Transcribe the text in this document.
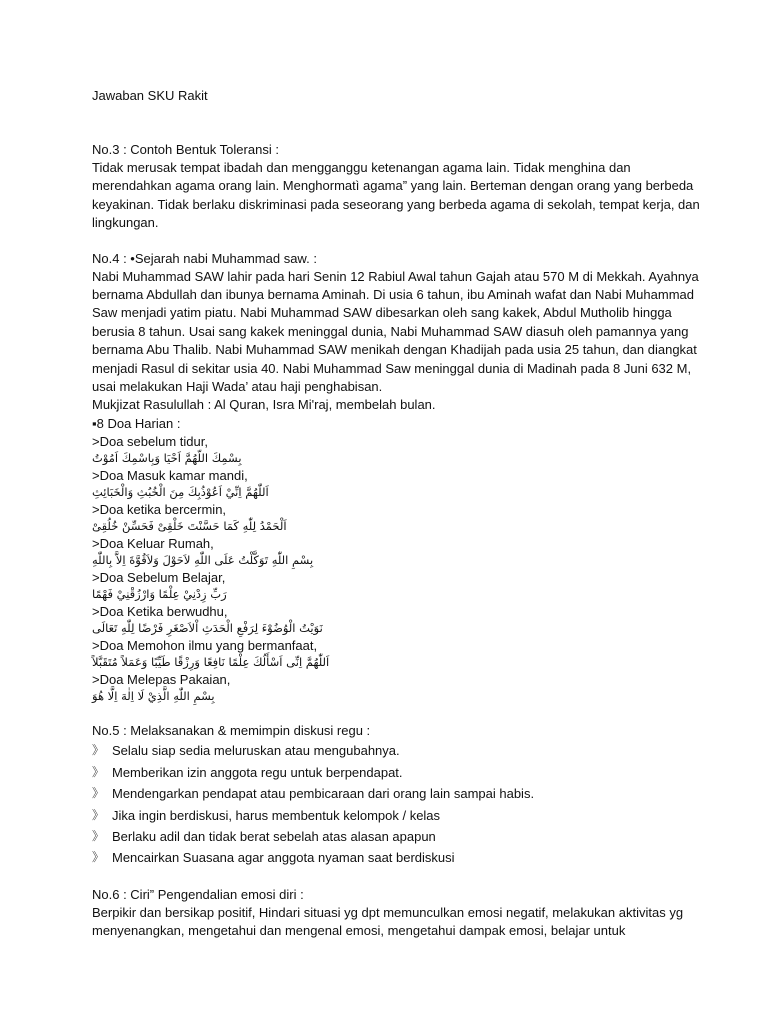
Jawaban SKU Rakit
No.3 : Contoh Bentuk Toleransi :
Tidak merusak tempat ibadah dan mengganggu ketenangan agama lain. Tidak menghina dan merendahkan agama orang lain. Menghormatì agama” yang lain. Berteman dengan orang yang berbeda keyakinan. Tidak berlaku diskriminasi pada seseorang yang berbeda agama di sekolah, tempat kerja, dan lingkungan.
No.4 : •Sejarah nabi Muhammad saw. :
Nabi Muhammad SAW lahir pada hari Senin 12 Rabiul Awal tahun Gajah atau 570 M di Mekkah. Ayahnya bernama Abdullah dan ibunya bernama Aminah. Di usia 6 tahun, ibu Aminah wafat dan Nabi Muhammad Saw menjadi yatim piatu. Nabi Muhammad SAW dibesarkan oleh sang kakek, Abdul Mutholib hingga berusia 8 tahun. Usai sang kakek meninggal dunia, Nabi Muhammad SAW diasuh oleh pamannya yang bernama Abu Thalib. Nabi Muhammad SAW menikah dengan Khadijah pada usia 25 tahun, dan diangkat menjadi Rasul di sekitar usia 40. Nabi Muhammad Saw meninggal dunia di Madinah pada 8 Juni 632 M, usai melakukan Haji Wada’ atau haji penghabisan.
Mukjizat Rasulullah : Al Quran, Isra Mi'raj, membelah bulan.
▪8 Doa Harian :
>Doa sebelum tidur,
بِسْمِكَ اللّهُمَّ اَحْيَا وَبِاسْمِكَ اَمُوْتُ
>Doa Masuk kamar mandi,
اَللّٰهُمَّ اِنِّيْ اَعُوْذُبِكَ مِنَ الْخُبُثِ وَالْخَبَائِثِ
>Doa ketika bercermin,
اَلْحَمْدُ لِلّٰهِ كَمَا حَسَّنْتَ خَلْقِىْ فَحَسِّنْ خُلُقِىْ
>Doa Keluar Rumah,
بِسْمِ اللّٰهِ تَوَكَّلْتُ عَلَى اللّٰهِ لاَحَوْلَ وَلاَقُوَّةَ اِلاَّ بِاللّٰهِ
>Doa Sebelum Belajar,
رَبِّ زِدْنِيْ عِلْمًا وَارْزُقْنِيْ فَهْمًا
>Doa Ketika berwudhu,
نَوَيْتُ الْوُضُوْءَ لِرَفْعِ الْحَدَثِ اْلاَصْغَرِ فَرْضًا لِلّٰهِ تَعَالَى
>Doa Memohon ilmu yang bermanfaat,
اَللّٰهُمَّ اِنِّى اَسْأَلُكَ عِلْمًا نَافِعًا وَرِزْقًا طَيِّبًا وَعَمَلاً مُتَقَبَّلاً
>Doa Melepas Pakaian,
بِسْمِ اللّٰهِ الَّذِيْ لَا اِلٰهَ اِلَّا هُوَ
No.5 : Melaksanakan & memimpin diskusi regu :
》 Selalu siap sedia meluruskan atau mengubahnya.
》 Memberikan izin anggota regu untuk berpendapat.
》 Mendengarkan pendapat atau pembicaraan dari orang lain sampai habis.
》 Jika ingin berdiskusi, harus membentuk kelompok / kelas
》 Berlaku adil dan tidak berat sebelah atas alasan apapun
》 Mencairkan Suasana agar anggota nyaman saat berdiskusi
No.6 : Ciri” Pengendalian emosi diri :
Berpikir dan bersikap positif, Hindari situasi yg dpt memunculkan emosi negatif, melakukan aktivitas yg menyenangkan, mengetahui dan mengenal emosi, mengetahui dampak emosi, belajar untuk
